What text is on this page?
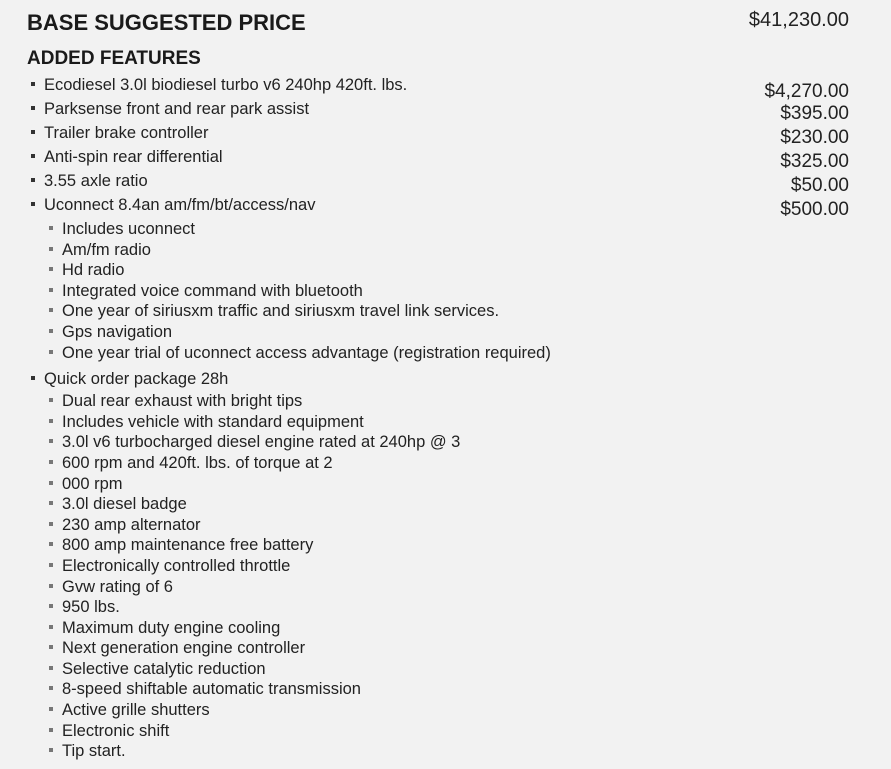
BASE SUGGESTED PRICE	$41,230.00
ADDED FEATURES
Ecodiesel 3.0l biodiesel turbo v6 240hp 420ft. lbs.	$4,270.00
Parksense front and rear park assist	$395.00
Trailer brake controller	$230.00
Anti-spin rear differential	$325.00
3.55 axle ratio	$50.00
Uconnect 8.4an am/fm/bt/access/nav	$500.00
Includes uconnect
Am/fm radio
Hd radio
Integrated voice command with bluetooth
One year of siriusxm traffic and siriusxm travel link services.
Gps navigation
One year trial of uconnect access advantage (registration required)
Quick order package 28h
Dual rear exhaust with bright tips
Includes vehicle with standard equipment
3.0l v6 turbocharged diesel engine rated at 240hp @ 3
600 rpm and 420ft. lbs. of torque at 2
000 rpm
3.0l diesel badge
230 amp alternator
800 amp maintenance free battery
Electronically controlled throttle
Gvw rating of 6
950 lbs.
Maximum duty engine cooling
Next generation engine controller
Selective catalytic reduction
8-speed shiftable automatic transmission
Active grille shutters
Electronic shift
Tip start.
